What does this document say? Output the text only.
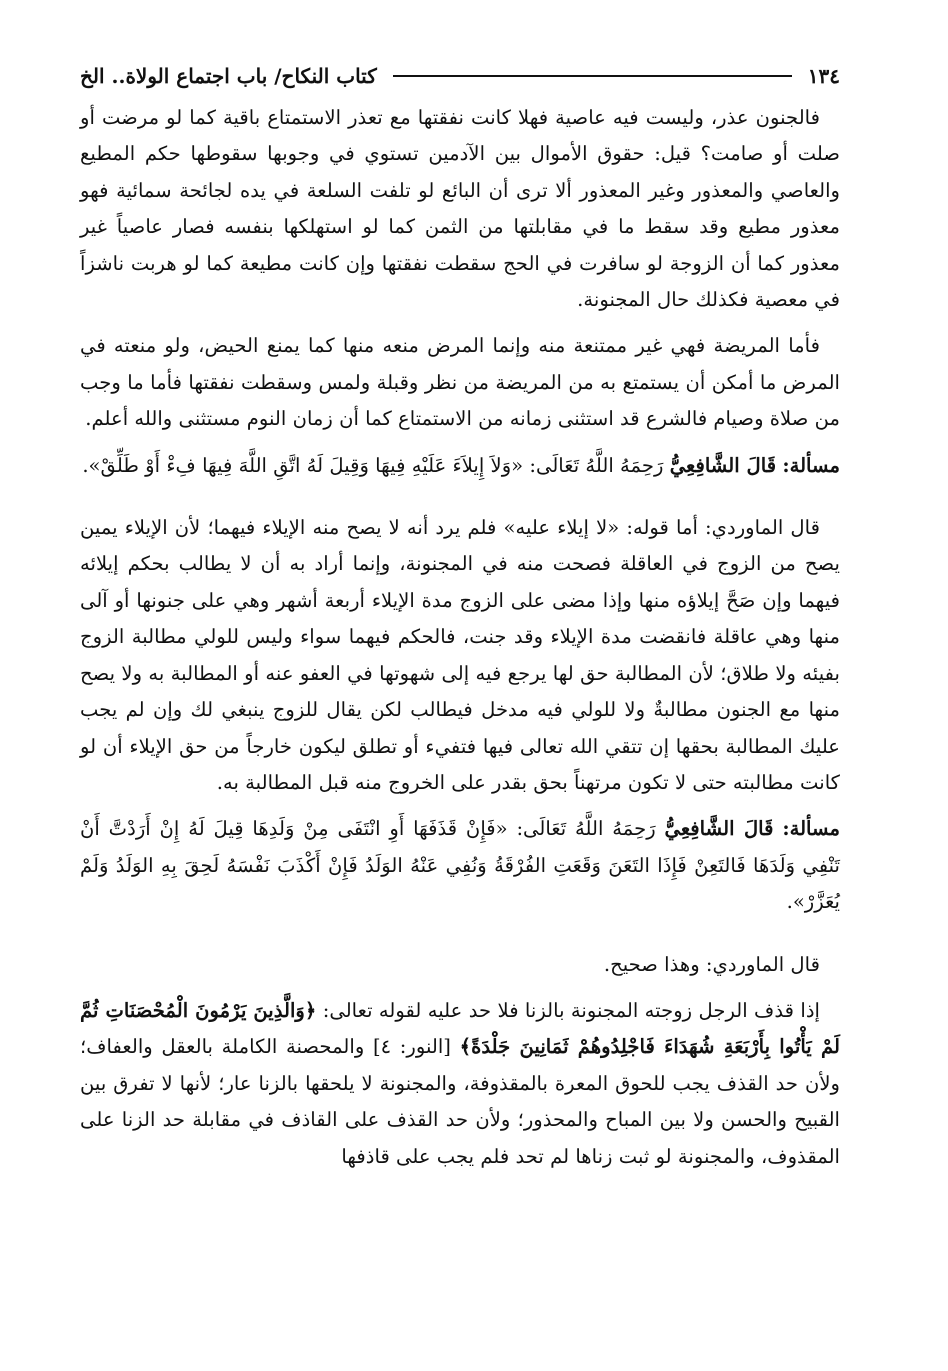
١٣٤
كتاب النكاح/ باب اجتماع الولاة.. الخ

فالجنون عذر، وليست فيه عاصية فهلا كانت نفقتها مع تعذر الاستمتاع باقية كما لو مرضت أو صلت أو صامت؟ قيل: حقوق الأموال بين الآدمين تستوي في وجوبها سقوطها حكم المطيع والعاصي والمعذور وغير المعذور ألا ترى أن البائع لو تلفت السلعة في يده لجائحة سمائية فهو معذور مطيع وقد سقط ما في مقابلتها من الثمن كما لو استهلكها بنفسه فصار عاصياً غير معذور كما أن الزوجة لو سافرت في الحج سقطت نفقتها وإن كانت مطيعة كما لو هربت ناشزاً في معصية فكذلك حال المجنونة.

فأما المريضة فهي غير ممتنعة منه وإنما المرض منعه منها كما يمنع الحيض، ولو منعته في المرض ما أمكن أن يستمتع به من المريضة من نظر وقبلة ولمس وسقطت نفقتها فأما ما وجب من صلاة وصيام فالشرع قد استثنى زمانه من الاستمتاع كما أن زمان النوم مستثنى والله أعلم.

مسألة: قَالَ الشَّافِعِيُّ رَحِمَهُ اللَّهُ تَعَالَى: «وَلاَ إِيلاَءَ عَلَيْهِ فِيهَا وَقِيلَ لَهُ اتَّقِ اللَّهَ فِيهَا فِءْ أَوْ طَلِّقْ».

قال الماوردي: أما قوله: «لا إيلاء عليه» فلم يرد أنه لا يصح منه الإيلاء فيهما؛ لأن الإيلاء يمين يصح من الزوج في العاقلة فصحت منه في المجنونة، وإنما أراد به أن لا يطالب بحكم إيلائه فيهما وإن صَحَّ إيلاؤه منها وإذا مضى على الزوج مدة الإيلاء أربعة أشهر وهي على جنونها أو آلى منها وهي عاقلة فانقضت مدة الإيلاء وقد جنت، فالحكم فيهما سواء وليس للولي مطالبة الزوج بفيئه ولا طلاق؛ لأن المطالبة حق لها يرجع فيه إلى شهوتها في العفو عنه أو المطالبة به ولا يصح منها مع الجنون مطالبةٌ ولا للولي فيه مدخل فيطالب لكن يقال للزوج ينبغي لك وإن لم يجب عليك المطالبة بحقها إن تتقي الله تعالى فيها فتفيء أو تطلق ليكون خارجاً من حق الإيلاء أن لو كانت مطالبته حتى لا تكون مرتهناً بحق بقدر على الخروج منه قبل المطالبة به.

مسألة: قَالَ الشَّافِعِيُّ رَحِمَهُ اللَّهُ تَعَالَى: «فَإِنْ قَذَفَهَا أَوِ انْتَفَى مِنْ وَلَدِهَا قِيلَ لَهُ إِنْ أَرَدْتَّ أَنْ تَنْفِي وَلَدَهَا فَالتَعِنْ فَإِذَا التَعَنَ وَقَعَتِ الفُرْقَةُ وَنُفِي عَنْهُ الوَلَدُ فَإِنْ أَكْذَبَ نَفْسَهُ لَحِقَ بِهِ الوَلَدُ وَلَمْ يُعَزَّرْ».

قال الماوردي: وهذا صحيح.

إذا قذف الرجل زوجته المجنونة بالزنا فلا حد عليه لقوله تعالى: ﴿وَالَّذِينَ يَرْمُونَ الْمُحْصَنَاتِ ثُمَّ لَمْ يَأْتُوا بِأَرْبَعَةِ شُهَدَاءَ فَاجْلِدُوهُمْ ثَمَانِينَ جَلْدَةً﴾ [النور: ٤] والمحصنة الكاملة بالعقل والعفاف؛ ولأن حد القذف يجب للحوق المعرة بالمقذوفة، والمجنونة لا يلحقها بالزنا عار؛ لأنها لا تفرق بين القبيح والحسن ولا بين المباح والمحذور؛ ولأن حد القذف على القاذف في مقابلة حد الزنا على المقذوف، والمجنونة لو ثبت زناها لم تحد فلم يجب على قاذفها
